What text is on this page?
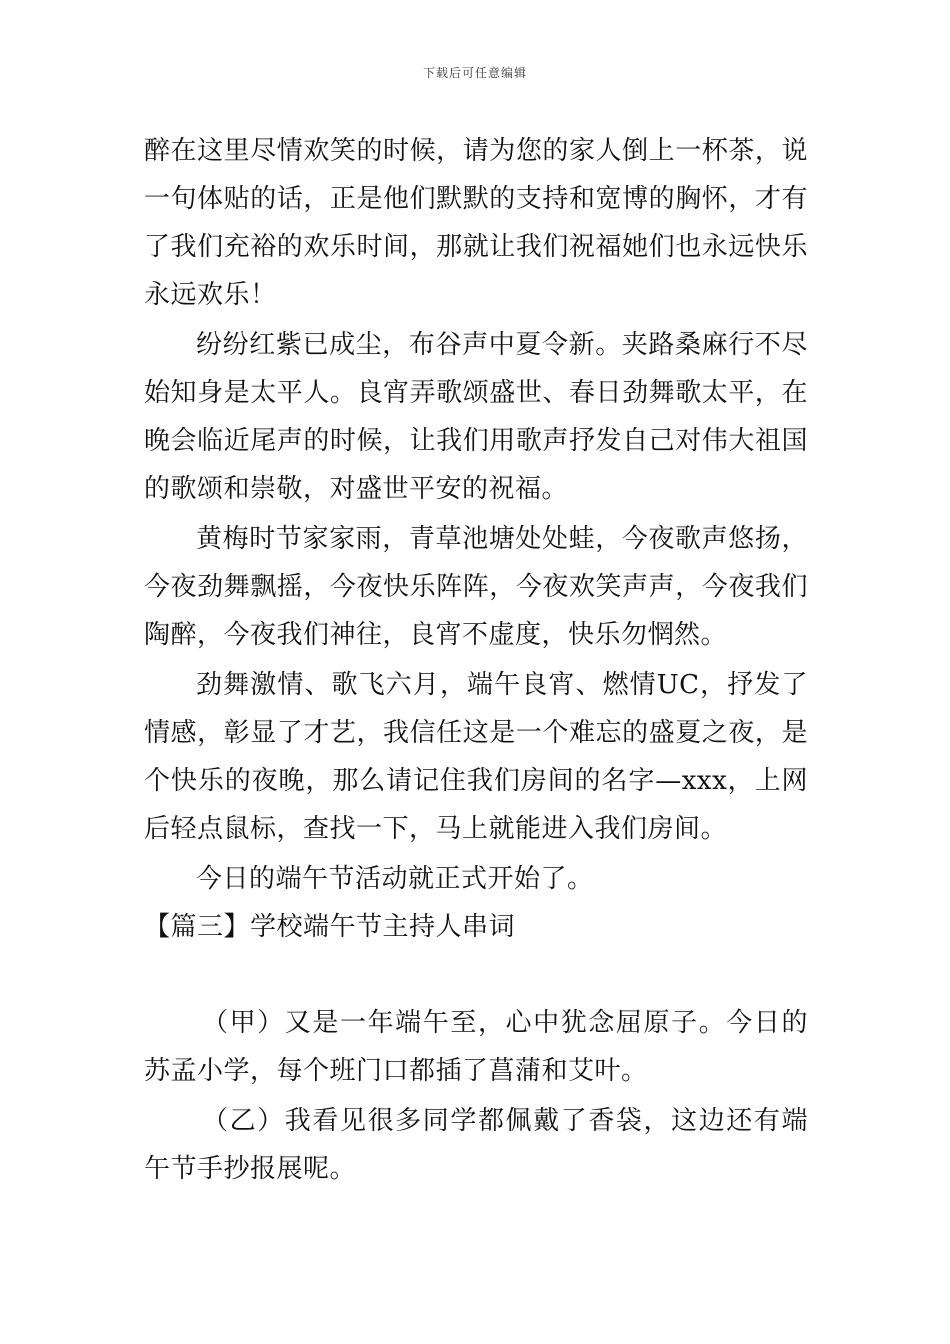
下载后可任意编辑

醉在这里尽情欢笑的时候，请为您的家人倒上一杯茶，说一句体贴的话，正是他们默默的支持和宽博的胸怀，才有了我们充裕的欢乐时间，那就让我们祝福她们也永远快乐永远欢乐！

纷纷红紫已成尘，布谷声中夏令新。夹路桑麻行不尽始知身是太平人。良宵弄歌颂盛世、春日劲舞歌太平，在晚会临近尾声的时候，让我们用歌声抒发自己对伟大祖国的歌颂和崇敬，对盛世平安的祝福。

黄梅时节家家雨，青草池塘处处蛙，今夜歌声悠扬，今夜劲舞飘摇，今夜快乐阵阵，今夜欢笑声声，今夜我们陶醉，今夜我们神往，良宵不虚度，快乐勿惘然。

劲舞激情、歌飞六月，端午良宵、燃情UC，抒发了情感，彰显了才艺，我信任这是一个难忘的盛夏之夜，是个快乐的夜晚，那么请记住我们房间的名字—xxx，上网后轻点鼠标，查找一下，马上就能进入我们房间。

今日的端午节活动就正式开始了。

【篇三】学校端午节主持人串词

（甲）又是一年端午至，心中犹念屈原子。今日的苏孟小学，每个班门口都插了菖蒲和艾叶。

（乙）我看见很多同学都佩戴了香袋，这边还有端午节手抄报展呢。
